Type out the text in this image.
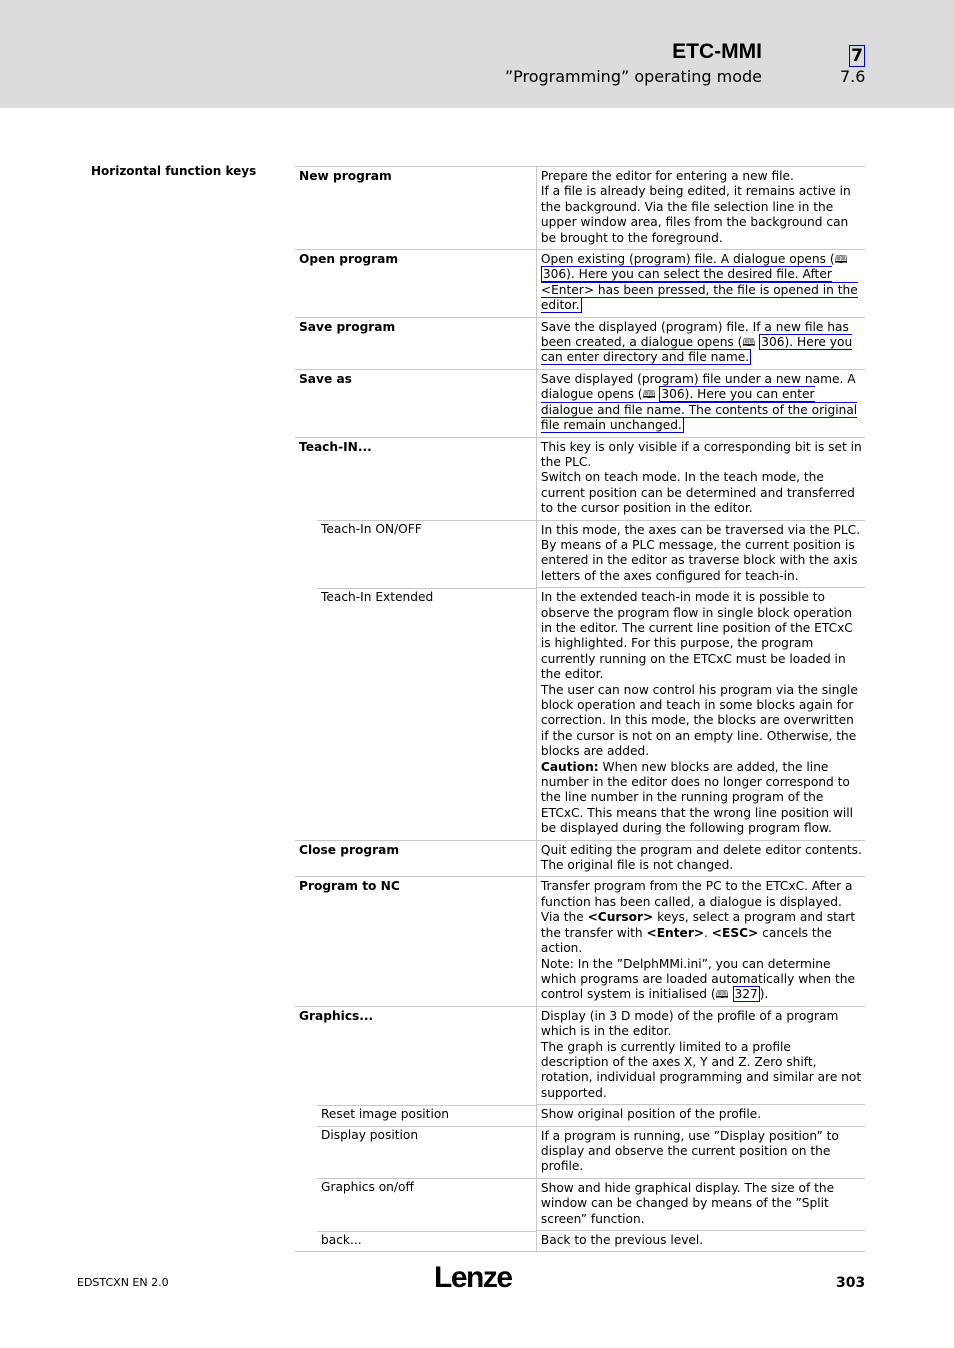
ETC-MMI
”Programming” operating mode
7
7.6
Horizontal function keys	New program	Prepare the editor for entering a new file.
If a file is already being edited, it remains active in the background. Via the file selection line in the upper window area, files from the background can be brought to the foreground.

Open program	Open existing (program) file. A dialogue opens (🕮 306). Here you can select the desired file. After <Enter> has been pressed, the file is opened in the editor.
Save program	Save the displayed (program) file. If a new file has been created, a dialogue opens (🕮 306). Here you can enter directory and file name.
Save as	Save displayed (program) file under a new name. A dialogue opens (🕮 306). Here you can enter dialogue and file name. The contents of the original file remain unchanged.
Teach-IN...	This key is only visible if a corresponding bit is set in the PLC.
Switch on teach mode. In the teach mode, the current position can be determined and transferred to the cursor position in the editor.

Teach-In ON/OFF	In this mode, the axes can be traversed via the PLC. By means of a PLC message, the current position is entered in the editor as traverse block with the axis letters of the axes configured for teach-in.

Teach-In Extended	In the extended teach-in mode it is possible to observe the program flow in single block operation in the editor. The current line position of the ETCxC is highlighted. For this purpose, the program currently running on the ETCxC must be loaded in the editor.
The user can now control his program via the single block operation and teach in some blocks again for correction. In this mode, the blocks are overwritten if the cursor is not on an empty line. Otherwise, the blocks are added.
Caution: When new blocks are added, the line number in the editor does no longer correspond to the line number in the running program of the ETCxC. This means that the wrong line position will be displayed during the following program flow.

Close program	Quit editing the program and delete editor contents.
The original file is not changed.

Program to NC	Transfer program from the PC to the ETCxC. After a function has been called, a dialogue is displayed. Via the <Cursor> keys, select a program and start the transfer with <Enter>. <ESC> cancels the action.
Note: In the ”DelphMMi.ini”, you can determine which programs are loaded automatically when the control system is initialised (🕮 327 ).

Graphics...	Display (in 3 D mode) of the profile of a program which is in the editor.
The graph is currently limited to a profile description of the axes X, Y and Z. Zero shift, rotation, individual programming and similar are not supported.

Reset image position	Show original position of the profile.

Display position	If a program is running, use ”Display position” to display and observe the current position on the profile.

Graphics on/off	Show and hide graphical display. The size of the window can be changed by means of the ”Split screen” function.

back...	Back to the previous level.
EDSTCXN EN 2.0	Lenze	303
